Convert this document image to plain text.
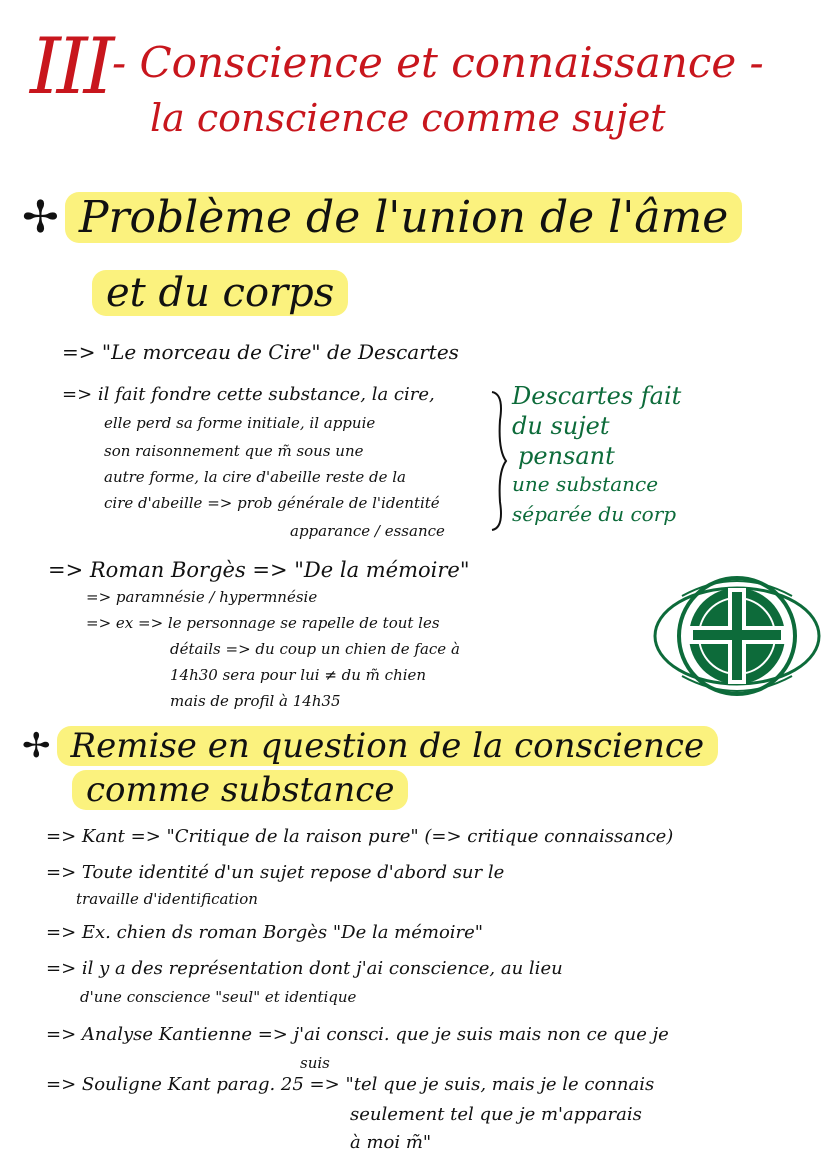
III - Conscience et connaissance -
la conscience comme sujet
✢ Problème de l'union de l'âme
et du corps
=> "Le morceau de Cire" de Descartes
=> il fait fondre cette substance, la cire,
elle perd sa forme initiale, il appuie
son raisonnement que m̃ sous une
autre forme, la cire d'abeille reste de la
cire d'abeille => prob générale de l'identité
apparance / essance
Descartes fait
du sujet
pensant
une substance
séparée du corp
=> Roman Borgès => "De la mémoire"
=> paramnésie / hypermnésie
=> ex => le personnage se rapelle de tout les
détails => du coup un chien de face à
14h30 sera pour lui ≠ du m̃ chien
mais de profil à 14h35
✢ Remise en question de la conscience
comme substance
=> Kant => "Critique de la raison pure" (=> critique connaissance)
=> Toute identité d'un sujet repose d'abord sur le
travaille d'identification
=> Ex. chien ds roman Borgès "De la mémoire"
=> il y a des représentation dont j'ai conscience, au lieu
d'une conscience "seul" et identique
=> Analyse Kantienne => j'ai consci. que je suis mais non ce que je
suis
=> Souligne Kant parag. 25 => "tel que je suis, mais je le connais
seulement tel que je m'apparais
à moi m̃"
